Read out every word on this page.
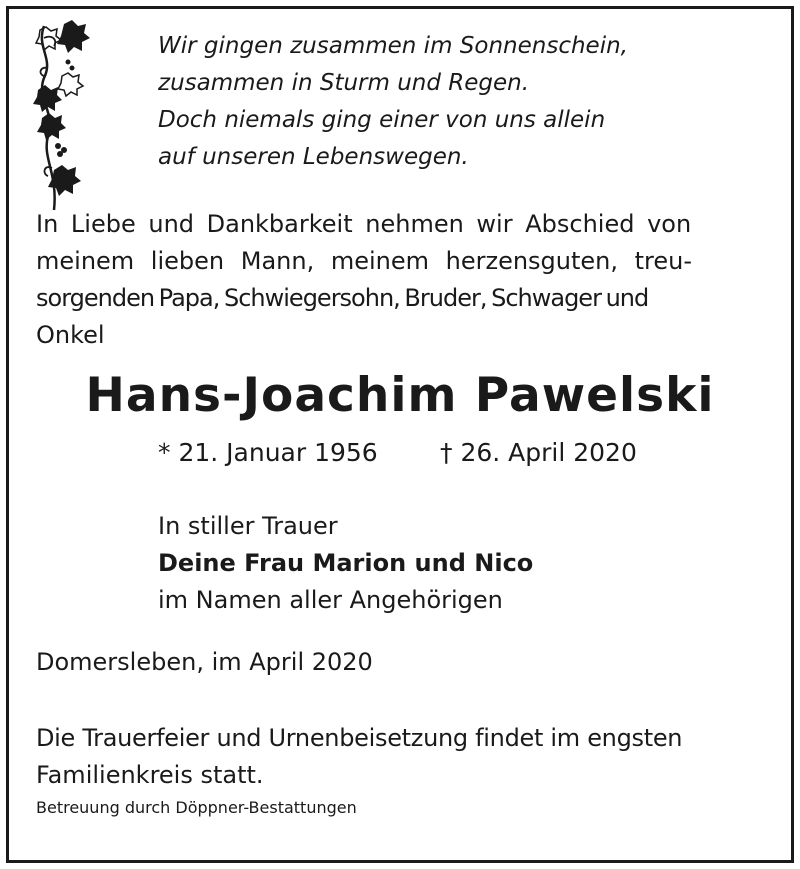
Wir gingen zusammen im Sonnenschein,
zusammen in Sturm und Regen.
Doch niemals ging einer von uns allein
auf unseren Lebenswegen.
In Liebe und Dankbarkeit nehmen wir Abschied von
meinem lieben Mann, meinem herzensguten, treu-
sorgenden Papa, Schwiegersohn, Bruder, Schwager und
Onkel
Hans-Joachim Pawelski
* 21. Januar 1956 † 26. April 2020
In stiller Trauer
Deine Frau Marion und Nico
im Namen aller Angehörigen
Domersleben, im April 2020
Die Trauerfeier und Urnenbeisetzung findet im engsten
Familienkreis statt.
Betreuung durch Döppner-Bestattungen
